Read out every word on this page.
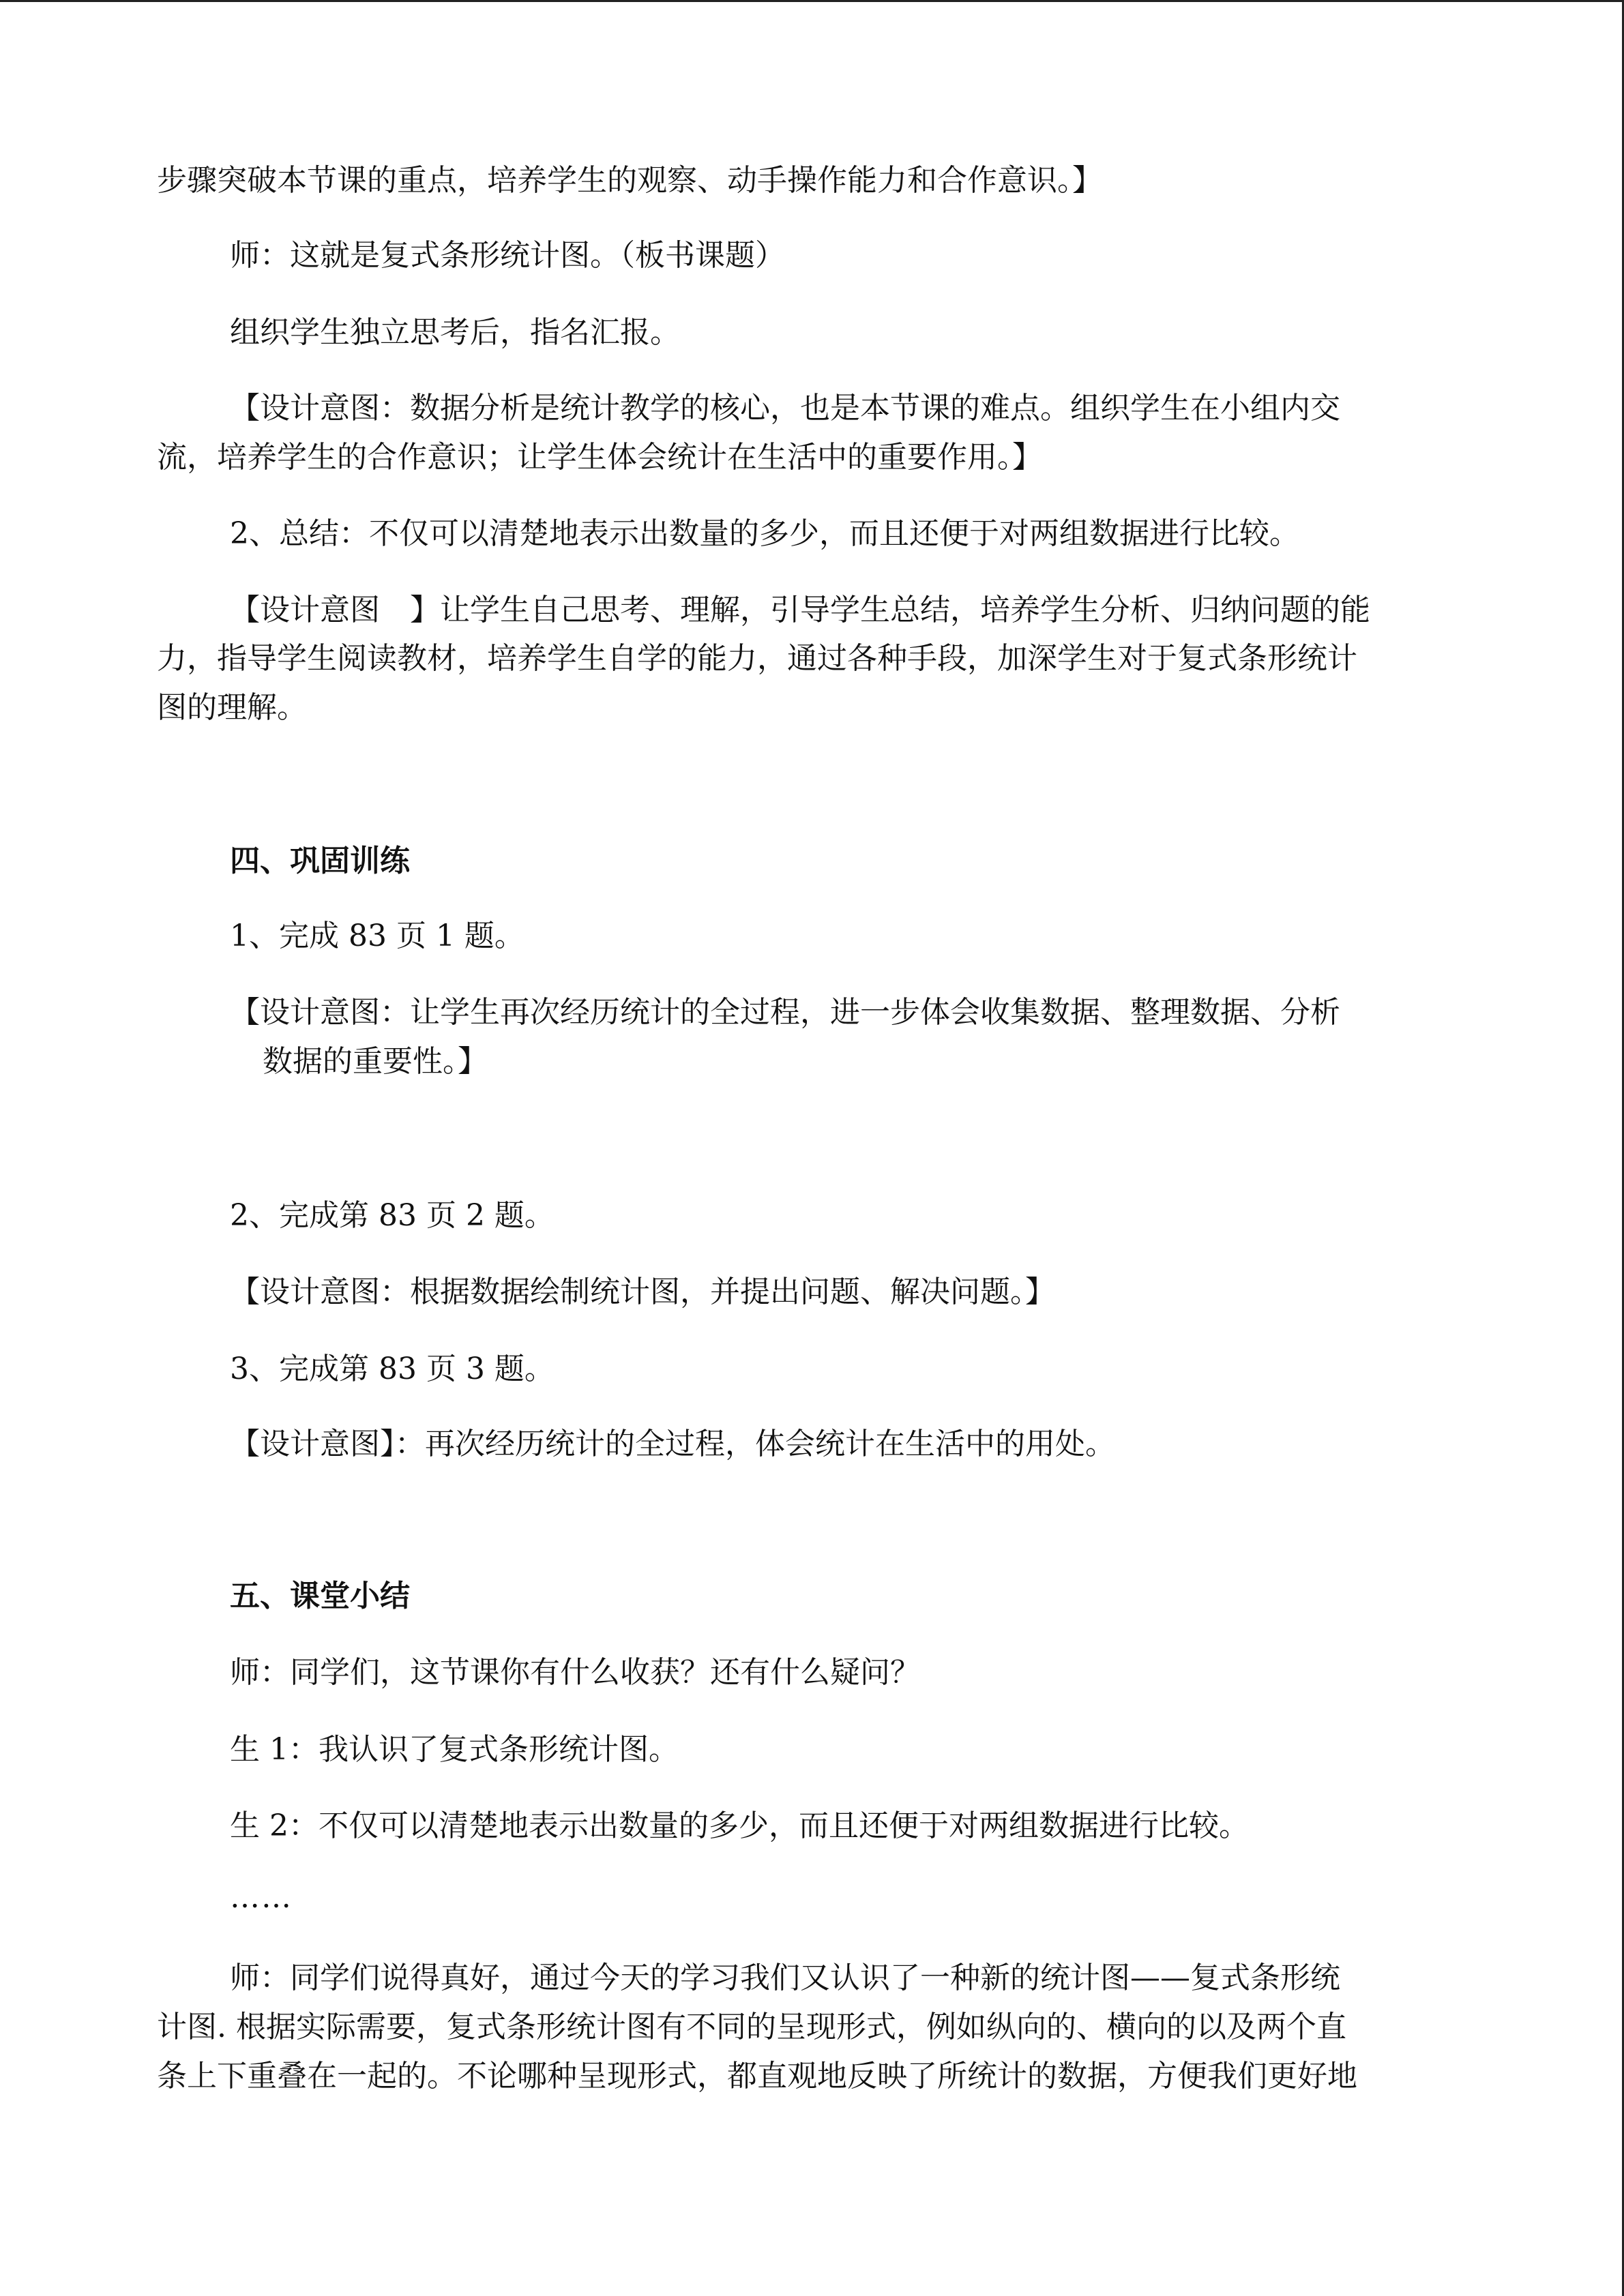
步骤突破本节课的重点，培养学生的观察、动手操作能力和合作意识。】
师：这就是复式条形统计图。（板书课题）
组织学生独立思考后，指名汇报。
【设计意图：数据分析是统计教学的核心，也是本节课的难点。组织学生在小组内交
流，培养学生的合作意识；让学生体会统计在生活中的重要作用。】
2、总结：不仅可以清楚地表示出数量的多少，而且还便于对两组数据进行比较。
【设计意图　】让学生自己思考、理解，引导学生总结，培养学生分析、归纳问题的能
力，指导学生阅读教材，培养学生自学的能力，通过各种手段，加深学生对于复式条形统计
图的理解。
四、巩固训练
1、完成 83 页 1 题。
【设计意图：让学生再次经历统计的全过程，进一步体会收集数据、整理数据、分析
数据的重要性。】
2、完成第 83 页 2 题。
【设计意图：根据数据绘制统计图，并提出问题、解决问题。】
3、完成第 83 页 3 题。
【设计意图】：再次经历统计的全过程，体会统计在生活中的用处。
五、课堂小结
师：同学们，这节课你有什么收获？还有什么疑问？
生 1：我认识了复式条形统计图。
生 2：不仅可以清楚地表示出数量的多少，而且还便于对两组数据进行比较。
……
师：同学们说得真好，通过今天的学习我们又认识了一种新的统计图——复式条形统
计图. 根据实际需要，复式条形统计图有不同的呈现形式，例如纵向的、横向的以及两个直
条上下重叠在一起的。不论哪种呈现形式，都直观地反映了所统计的数据，方便我们更好地
